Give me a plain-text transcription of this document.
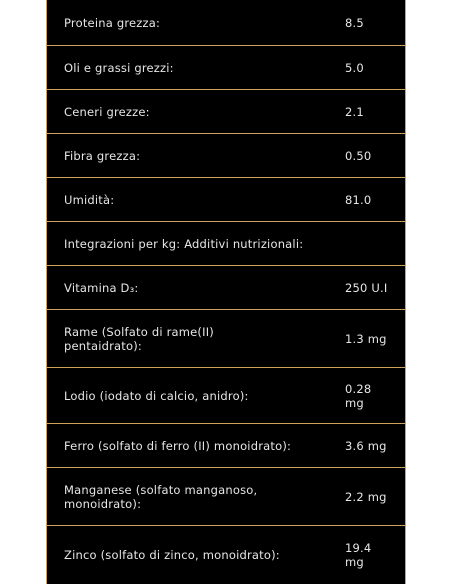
Proteina grezza:	8.5
Oli e grassi grezzi:	5.0
Ceneri grezze:	2.1
Fibra grezza:	0.50
Umidità:	81.0
Integrazioni per kg: Additivi nutrizionali:
Vitamina D₃:	250 U.I
Rame (Solfato di rame(II) pentaidrato):	1.3 mg
Lodio (iodato di calcio, anidro):	0.28 mg
Ferro (solfato di ferro (II) monoidrato):	3.6 mg
Manganese (solfato manganoso, monoidrato):	2.2 mg
Zinco (solfato di zinco, monoidrato):	19.4 mg
